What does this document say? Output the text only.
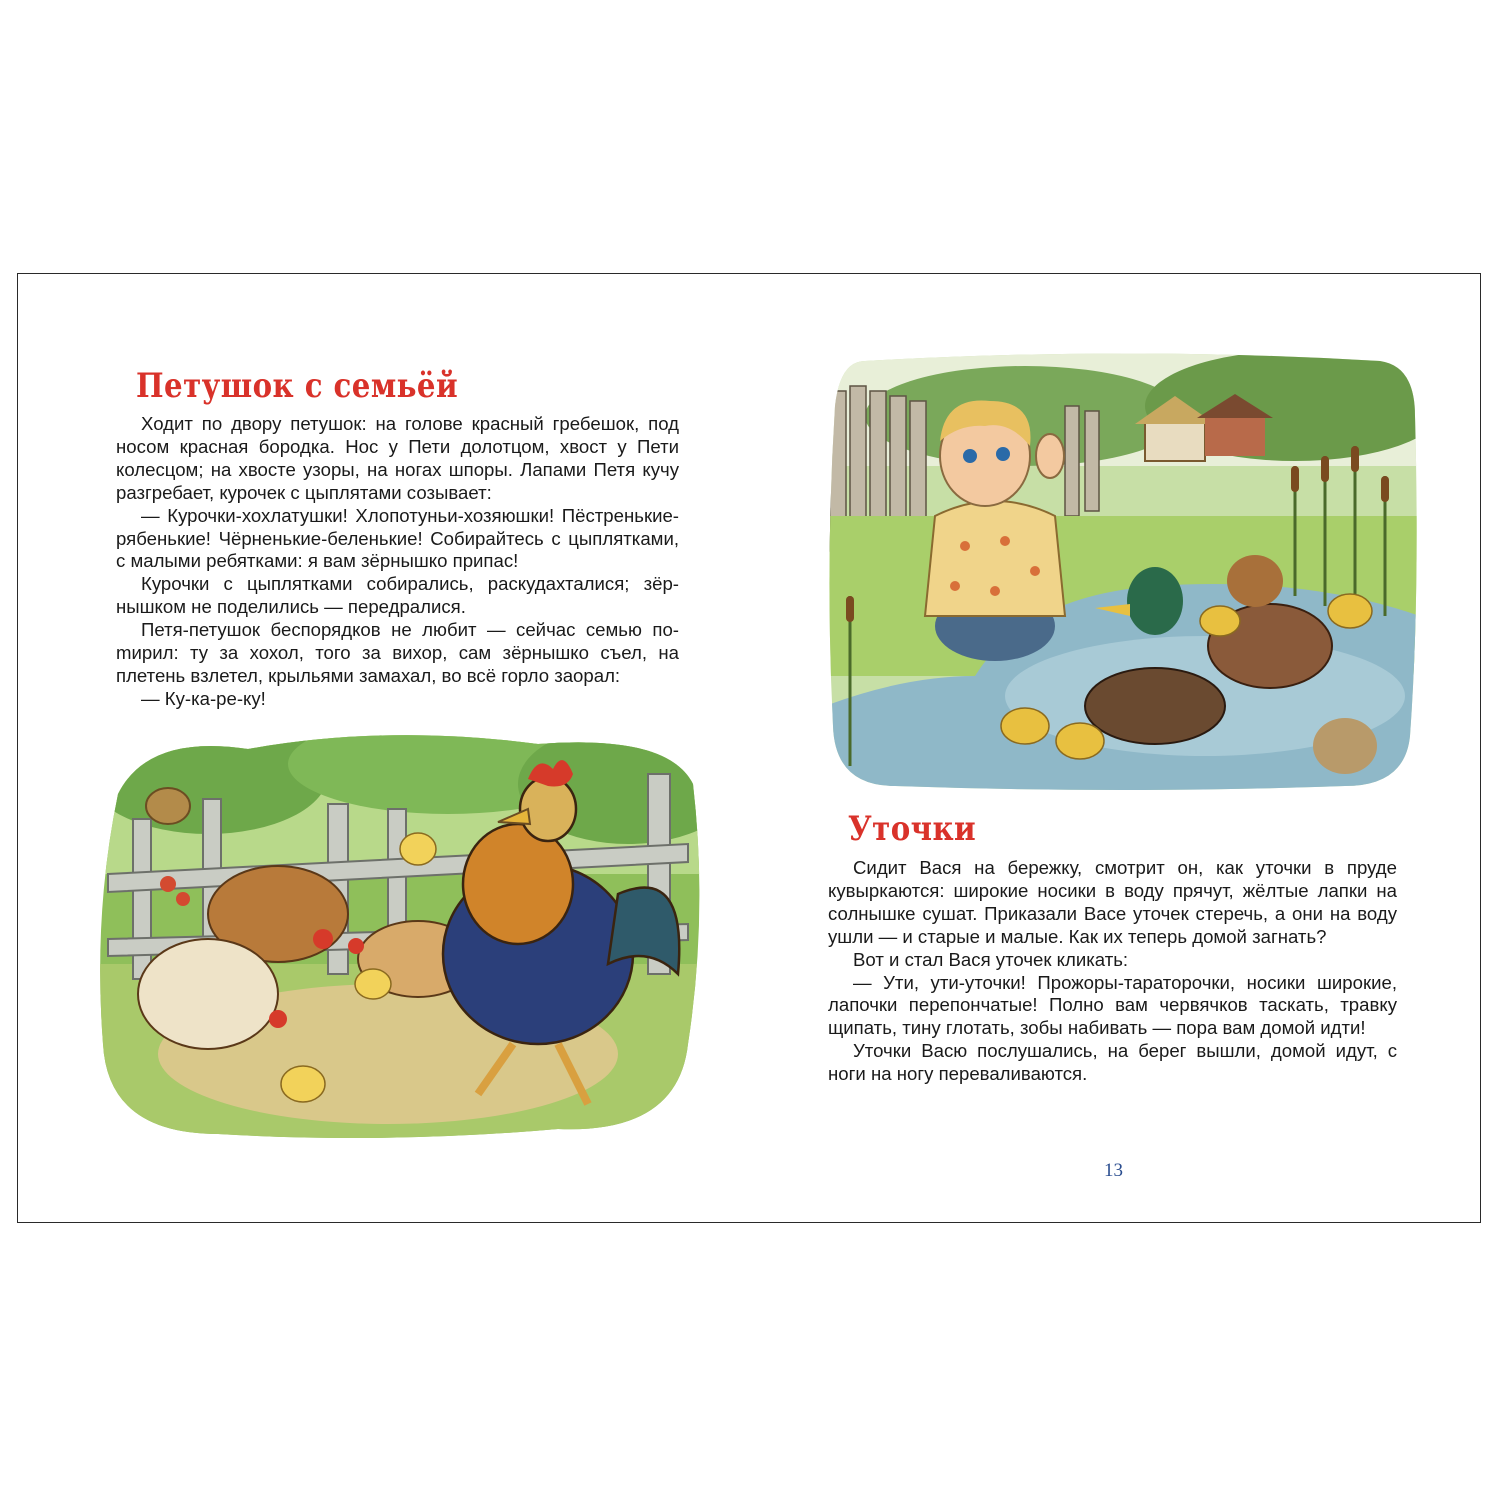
Петушок с семьёй

Ходит по двору петушок: на голове красный гребешок, под носом красная бородка. Нос у Пети долотцом, хвост у Пети колесцом; на хвосте узоры, на ногах шпоры. Лапами Петя кучу разгребает, курочек с цыплятами созывает:

— Курочки-хохлатушки! Хлопотуньи-хозяюшки! Пёстренькие-рябенькие! Чёрненькие-беленькие! Собирайтесь с цыплятками, с малыми ребятками: я вам зёрнышко припас!

Курочки с цыплятками собирались, раскудахталися; зёрнышком не поделились — передралися.

Петя-петушок беспорядков не любит — сейчас семью поmирил: ту за хохол, того за вихор, сам зёрнышко съел, на плетень взлетел, крыльями замахал, во всё горло заорал:

— Ку-ка-ре-ку!

Уточки

Сидит Вася на бережку, смотрит он, как уточки в пруде кувыркаются: широкие носики в воду прячут, жёлтые лапки на солнышке сушат. Приказали Васе уточек стеречь, а они на воду ушли — и старые и малые. Как их теперь домой загнать?

Вот и стал Вася уточек кликать:

— Ути, ути-уточки! Прожоры-тараторочки, носики широкие, лапочки перепончатые! Полно вам червячков таскать, травку щипать, тину глотать, зобы набивать — пора вам домой идти!

Уточки Васю послушались, на берег вышли, домой идут, с ноги на ногу переваливаются.

13
